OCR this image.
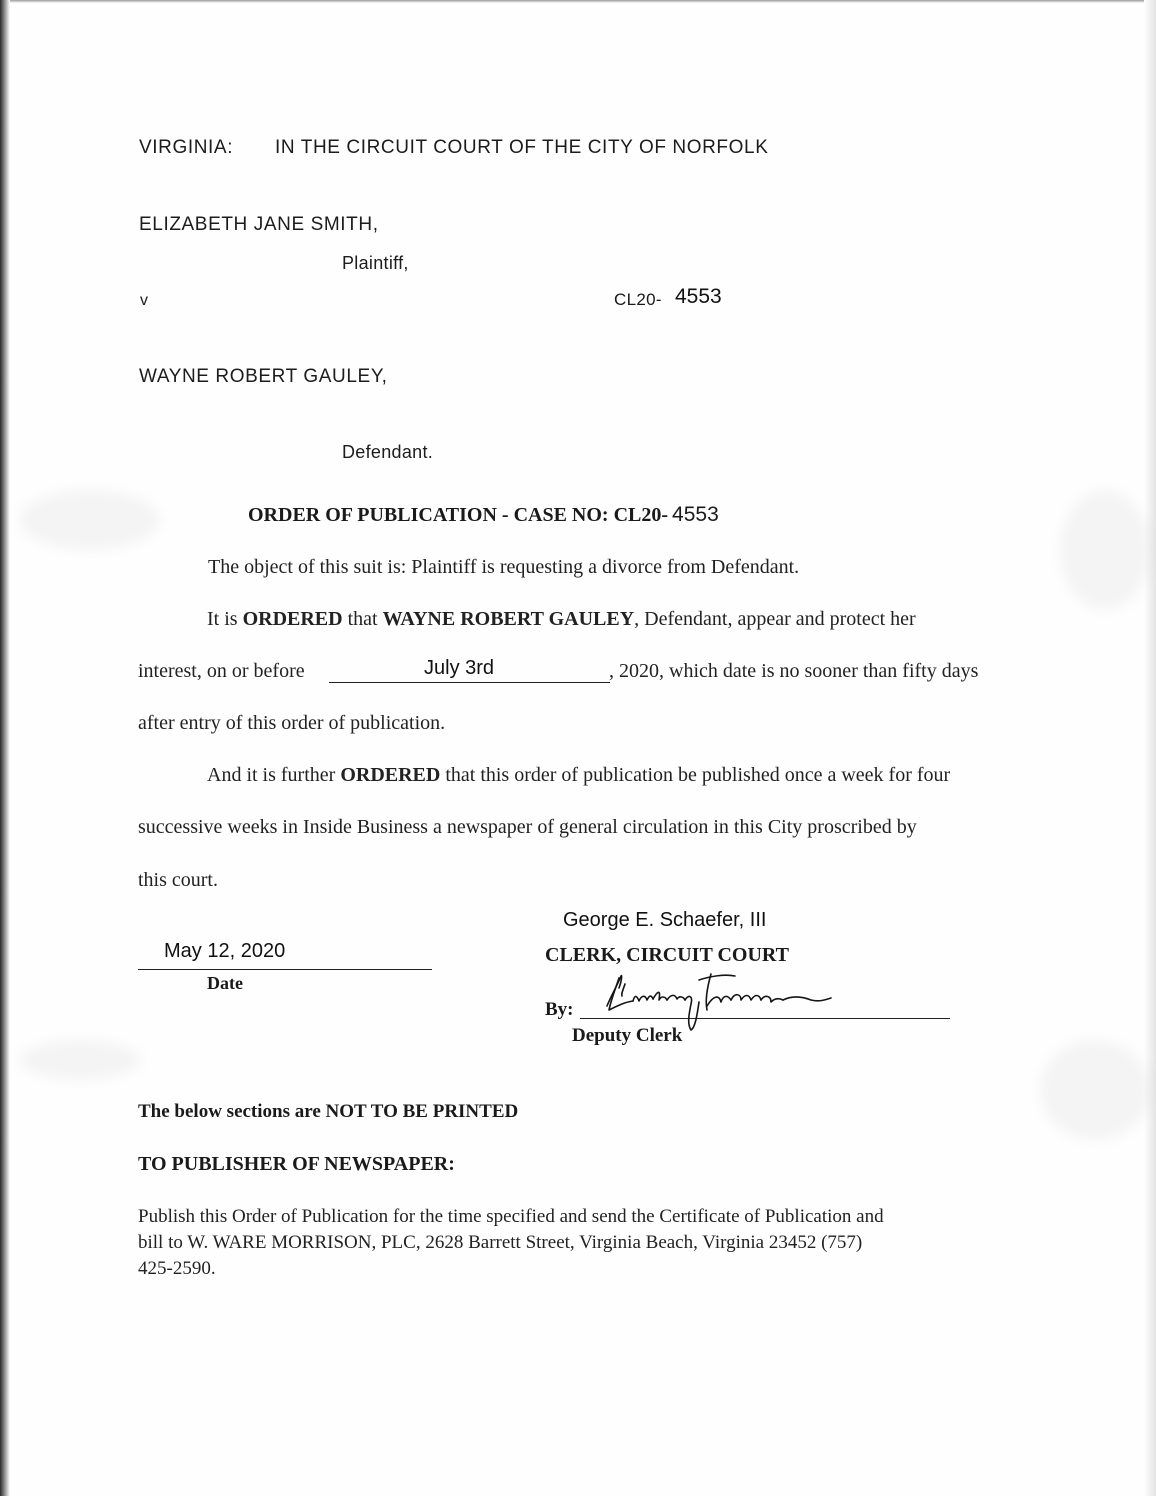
VIRGINIA: IN THE CIRCUIT COURT OF THE CITY OF NORFOLK
ELIZABETH JANE SMITH,
Plaintiff,
v	CL20- 4553
WAYNE ROBERT GAULEY,
Defendant.
ORDER OF PUBLICATION - CASE NO: CL20- 4553
The object of this suit is: Plaintiff is requesting a divorce from Defendant.
It is ORDERED that WAYNE ROBERT GAULEY, Defendant, appear and protect her
interest, on or before	July 3rd	, 2020, which date is no sooner than fifty days
after entry of this order of publication.
And it is further ORDERED that this order of publication be published once a week for four
successive weeks in Inside Business a newspaper of general circulation in this City proscribed by
this court.
George E. Schaefer, III
CLERK, CIRCUIT COURT
May 12, 2020
Date
By:
Deputy Clerk
The below sections are NOT TO BE PRINTED
TO PUBLISHER OF NEWSPAPER:
Publish this Order of Publication for the time specified and send the Certificate of Publication and
bill to W. WARE MORRISON, PLC, 2628 Barrett Street, Virginia Beach, Virginia 23452 (757)
425-2590.
